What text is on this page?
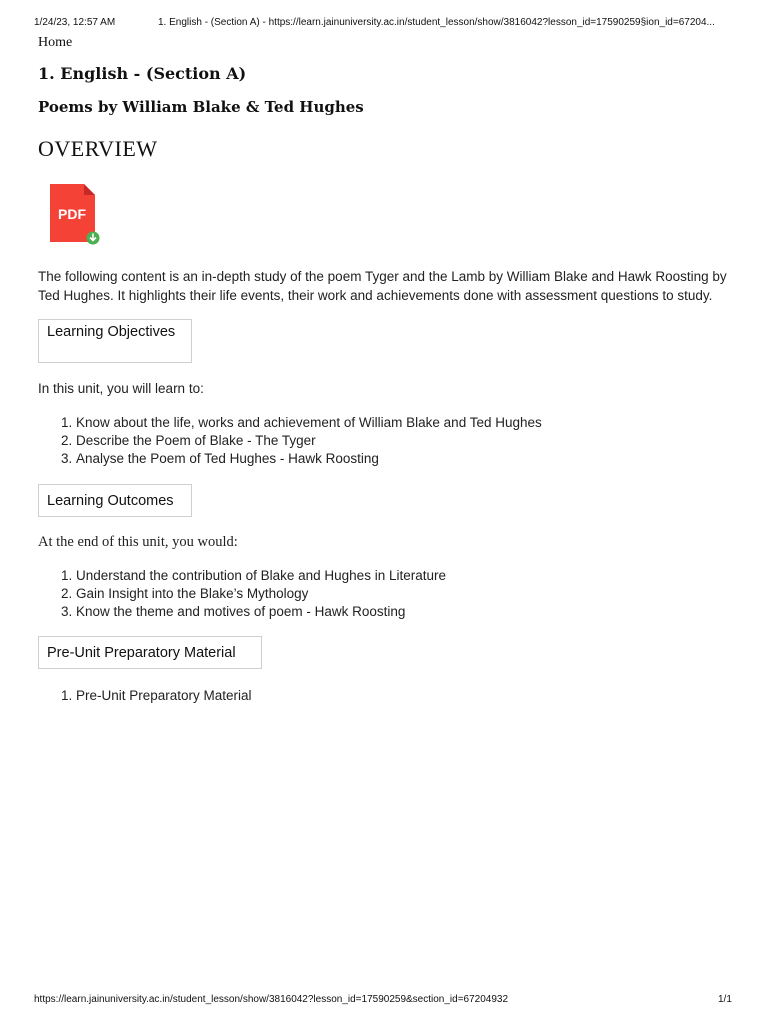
1/24/23, 12:57 AM	1. English - (Section A) - https://learn.jainuniversity.ac.in/student_lesson/show/3816042?lesson_id=17590259§ion_id=67204...
Home
1. English - (Section A)
Poems by William Blake & Ted Hughes
OVERVIEW
PDF
The following content is an in-depth study of the poem Tyger and the Lamb by William Blake and Hawk Roosting by Ted Hughes. It highlights their life events, their work and achievements done with assessment questions to study.
Learning Objectives
In this unit, you will learn to:
1. Know about the life, works and achievement of William Blake and Ted Hughes
2. Describe the Poem of Blake - The Tyger
3. Analyse the Poem of Ted Hughes - Hawk Roosting
Learning Outcomes
At the end of this unit, you would:
1. Understand the contribution of Blake and Hughes in Literature
2. Gain Insight into the Blake’s Mythology
3. Know the theme and motives of poem - Hawk Roosting
Pre-Unit Preparatory Material
1. Pre-Unit Preparatory Material
https://learn.jainuniversity.ac.in/student_lesson/show/3816042?lesson_id=17590259&section_id=67204932	1/1
